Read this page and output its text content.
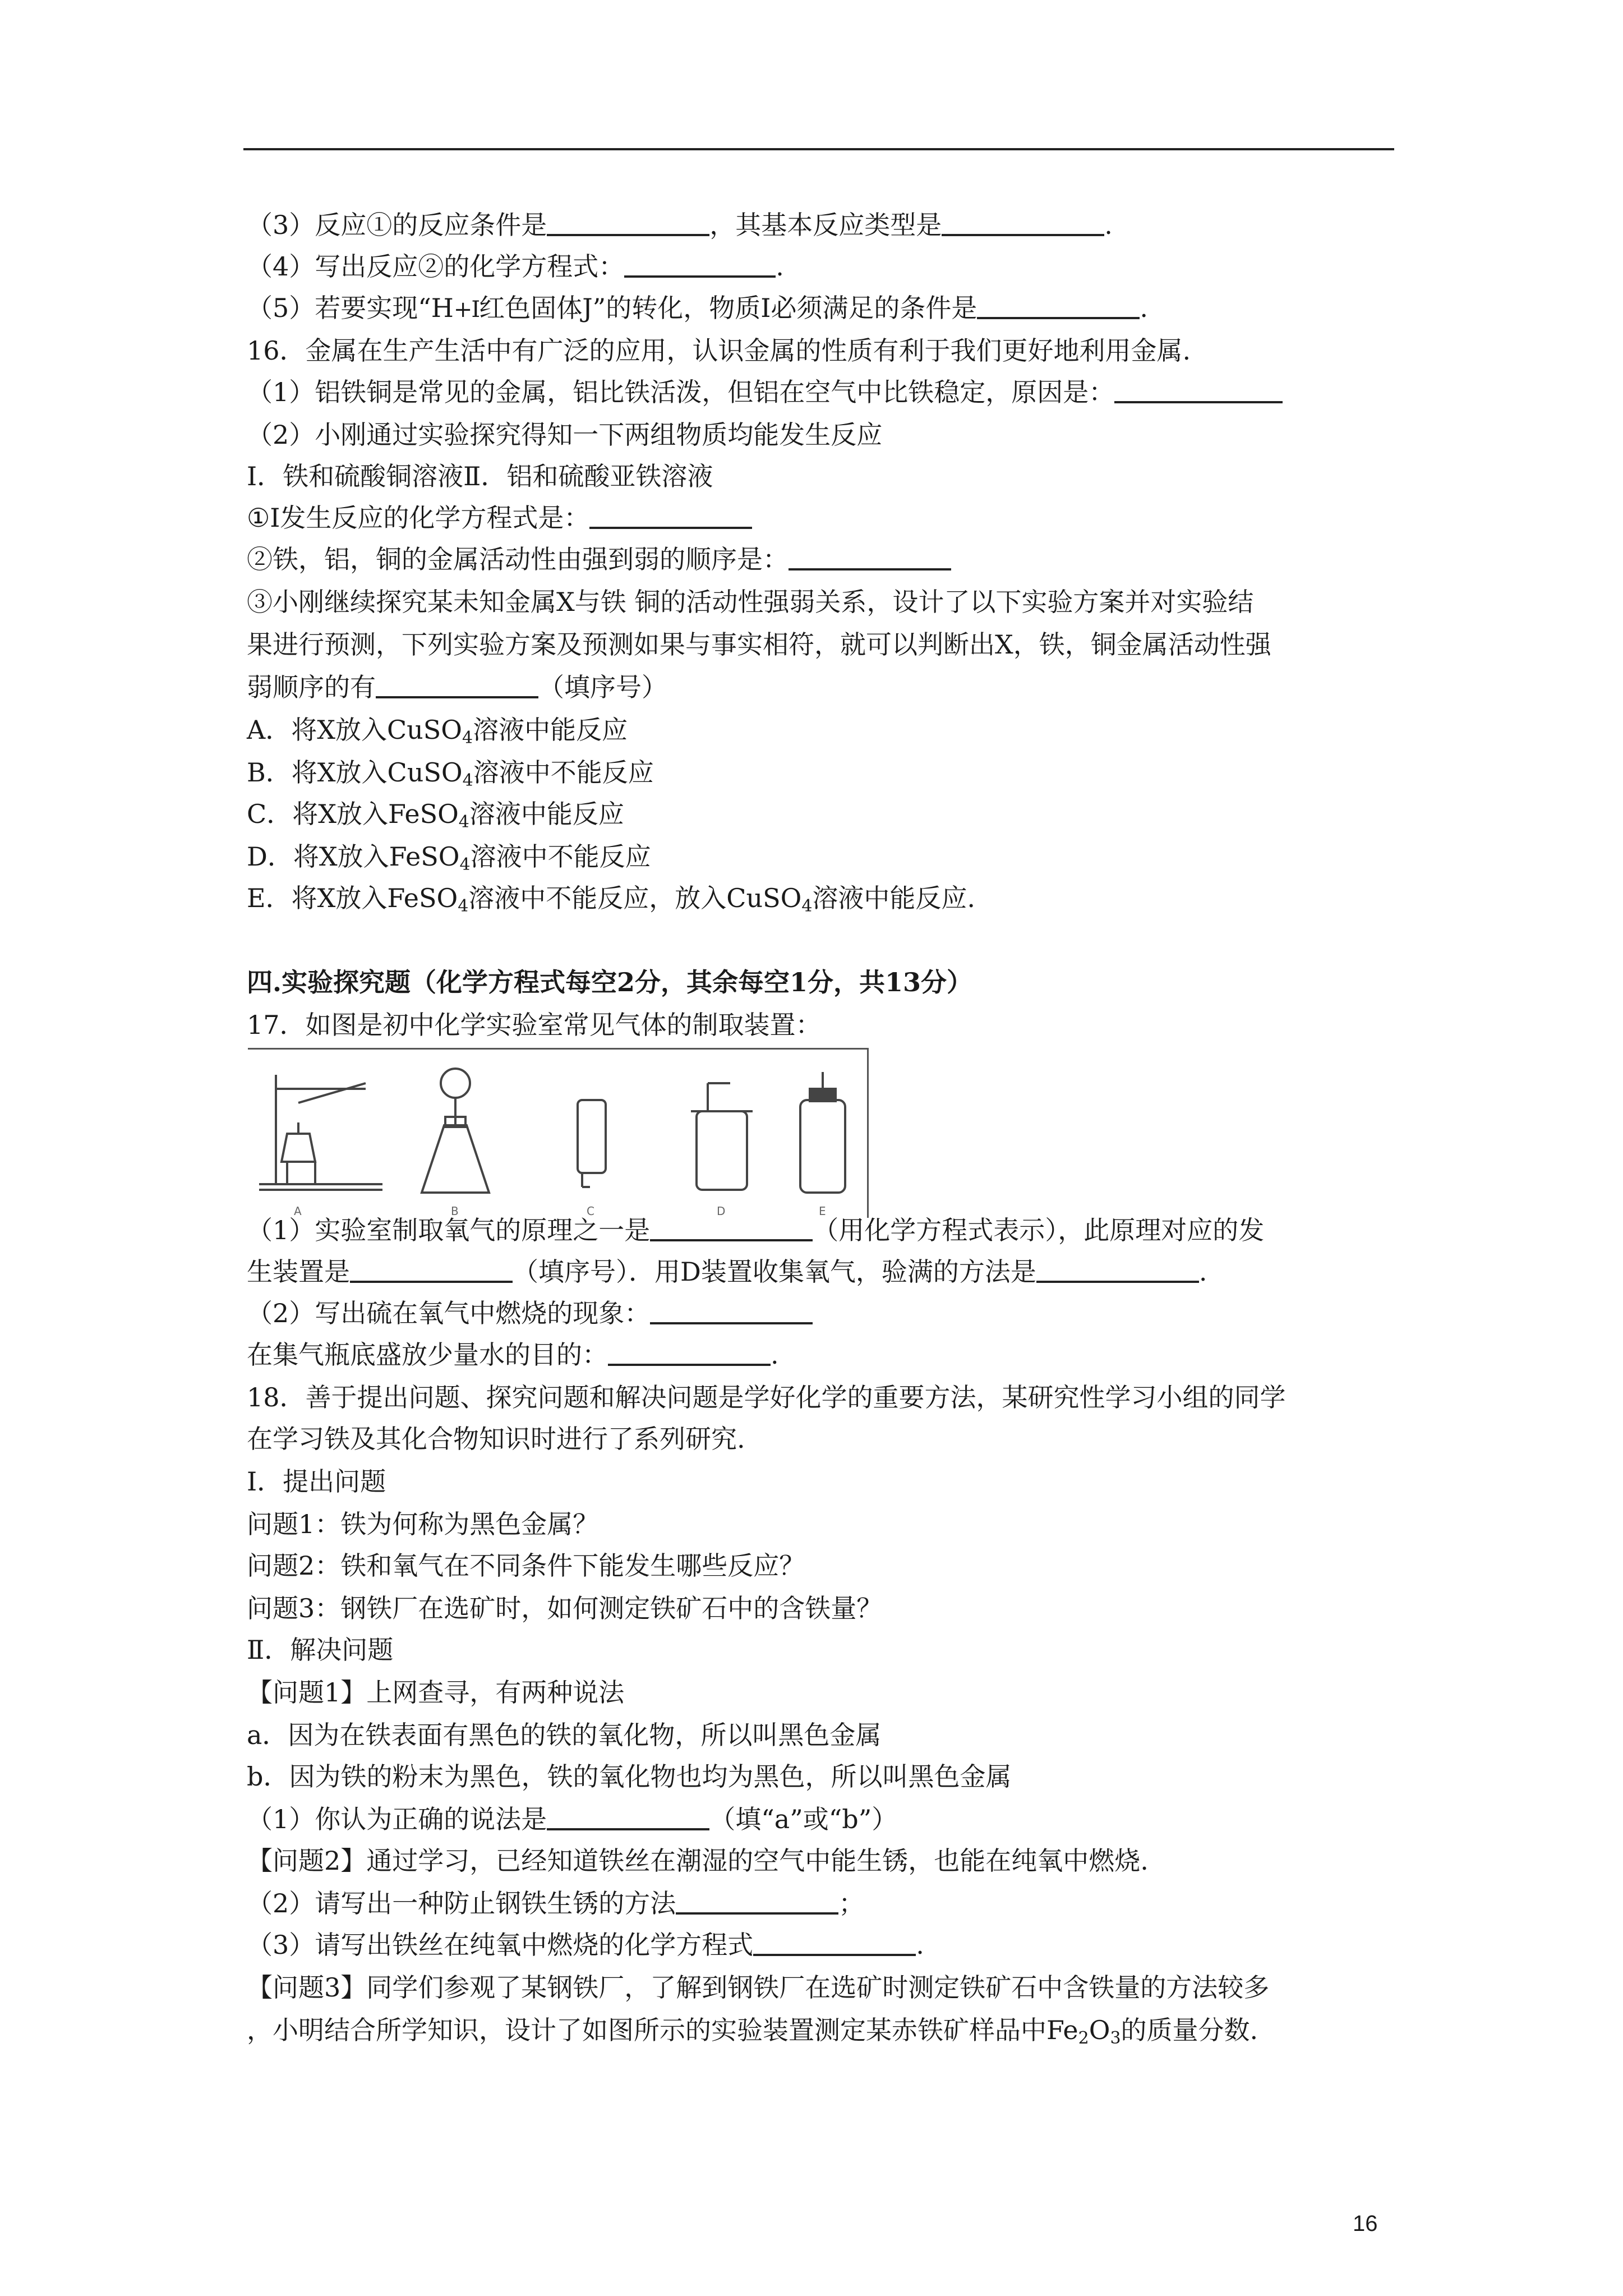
（3）反应①的反应条件是	，其基本反应类型是	.
（4）写出反应②的化学方程式：	.
（5）若要实现“H+I红色固体J”的转化，物质I必须满足的条件是	.
16．金属在生产生活中有广泛的应用，认识金属的性质有利于我们更好地利用金属.
（1）铝铁铜是常见的金属，铝比铁活泼，但铝在空气中比铁稳定，原因是：
（2）小刚通过实验探究得知一下两组物质均能发生反应
Ⅰ．铁和硫酸铜溶液Ⅱ．铝和硫酸亚铁溶液
①Ⅰ发生反应的化学方程式是：
②铁，铝，铜的金属活动性由强到弱的顺序是：
③小刚继续探究某未知金属X与铁 铜的活动性强弱关系，设计了以下实验方案并对实验结
果进行预测，下列实验方案及预测如果与事实相符，就可以判断出X，铁，铜金属活动性强
弱顺序的有	（填序号）
A．将X放入CuSO$_4$溶液中能反应
B．将X放入CuSO$_4$溶液中不能反应
C．将X放入FeSO$_4$溶液中能反应
D．将X放入FeSO$_4$溶液中不能反应
E．将X放入FeSO$_4$溶液中不能反应，放入CuSO$_4$溶液中能反应.
四.实验探究题（化学方程式每空2分，其余每空1分，共13分）
17．如图是初中化学实验室常见气体的制取装置：
（1）实验室制取氧气的原理之一是	（用化学方程式表示），此原理对应的发
生装置是	（填序号）．用D装置收集氧气，验满的方法是	.
（2）写出硫在氧气中燃烧的现象：
在集气瓶底盛放少量水的目的：	.
18．善于提出问题、探究问题和解决问题是学好化学的重要方法，某研究性学习小组的同学
在学习铁及其化合物知识时进行了系列研究.
Ⅰ．提出问题
问题1：铁为何称为黑色金属？
问题2：铁和氧气在不同条件下能发生哪些反应？
问题3：钢铁厂在选矿时，如何测定铁矿石中的含铁量？
Ⅱ．解决问题
【问题1】上网查寻，有两种说法
a．因为在铁表面有黑色的铁的氧化物，所以叫黑色金属
b．因为铁的粉末为黑色，铁的氧化物也均为黑色，所以叫黑色金属
（1）你认为正确的说法是	（填“a”或“b”）
【问题2】通过学习，已经知道铁丝在潮湿的空气中能生锈，也能在纯氧中燃烧.
（2）请写出一种防止钢铁生锈的方法	；
（3）请写出铁丝在纯氧中燃烧的化学方程式	.
【问题3】同学们参观了某钢铁厂，了解到钢铁厂在选矿时测定铁矿石中含铁量的方法较多
，小明结合所学知识，设计了如图所示的实验装置测定某赤铁矿样品中$Fe_2O_3$的质量分数.
A	B	C	D	E
16
